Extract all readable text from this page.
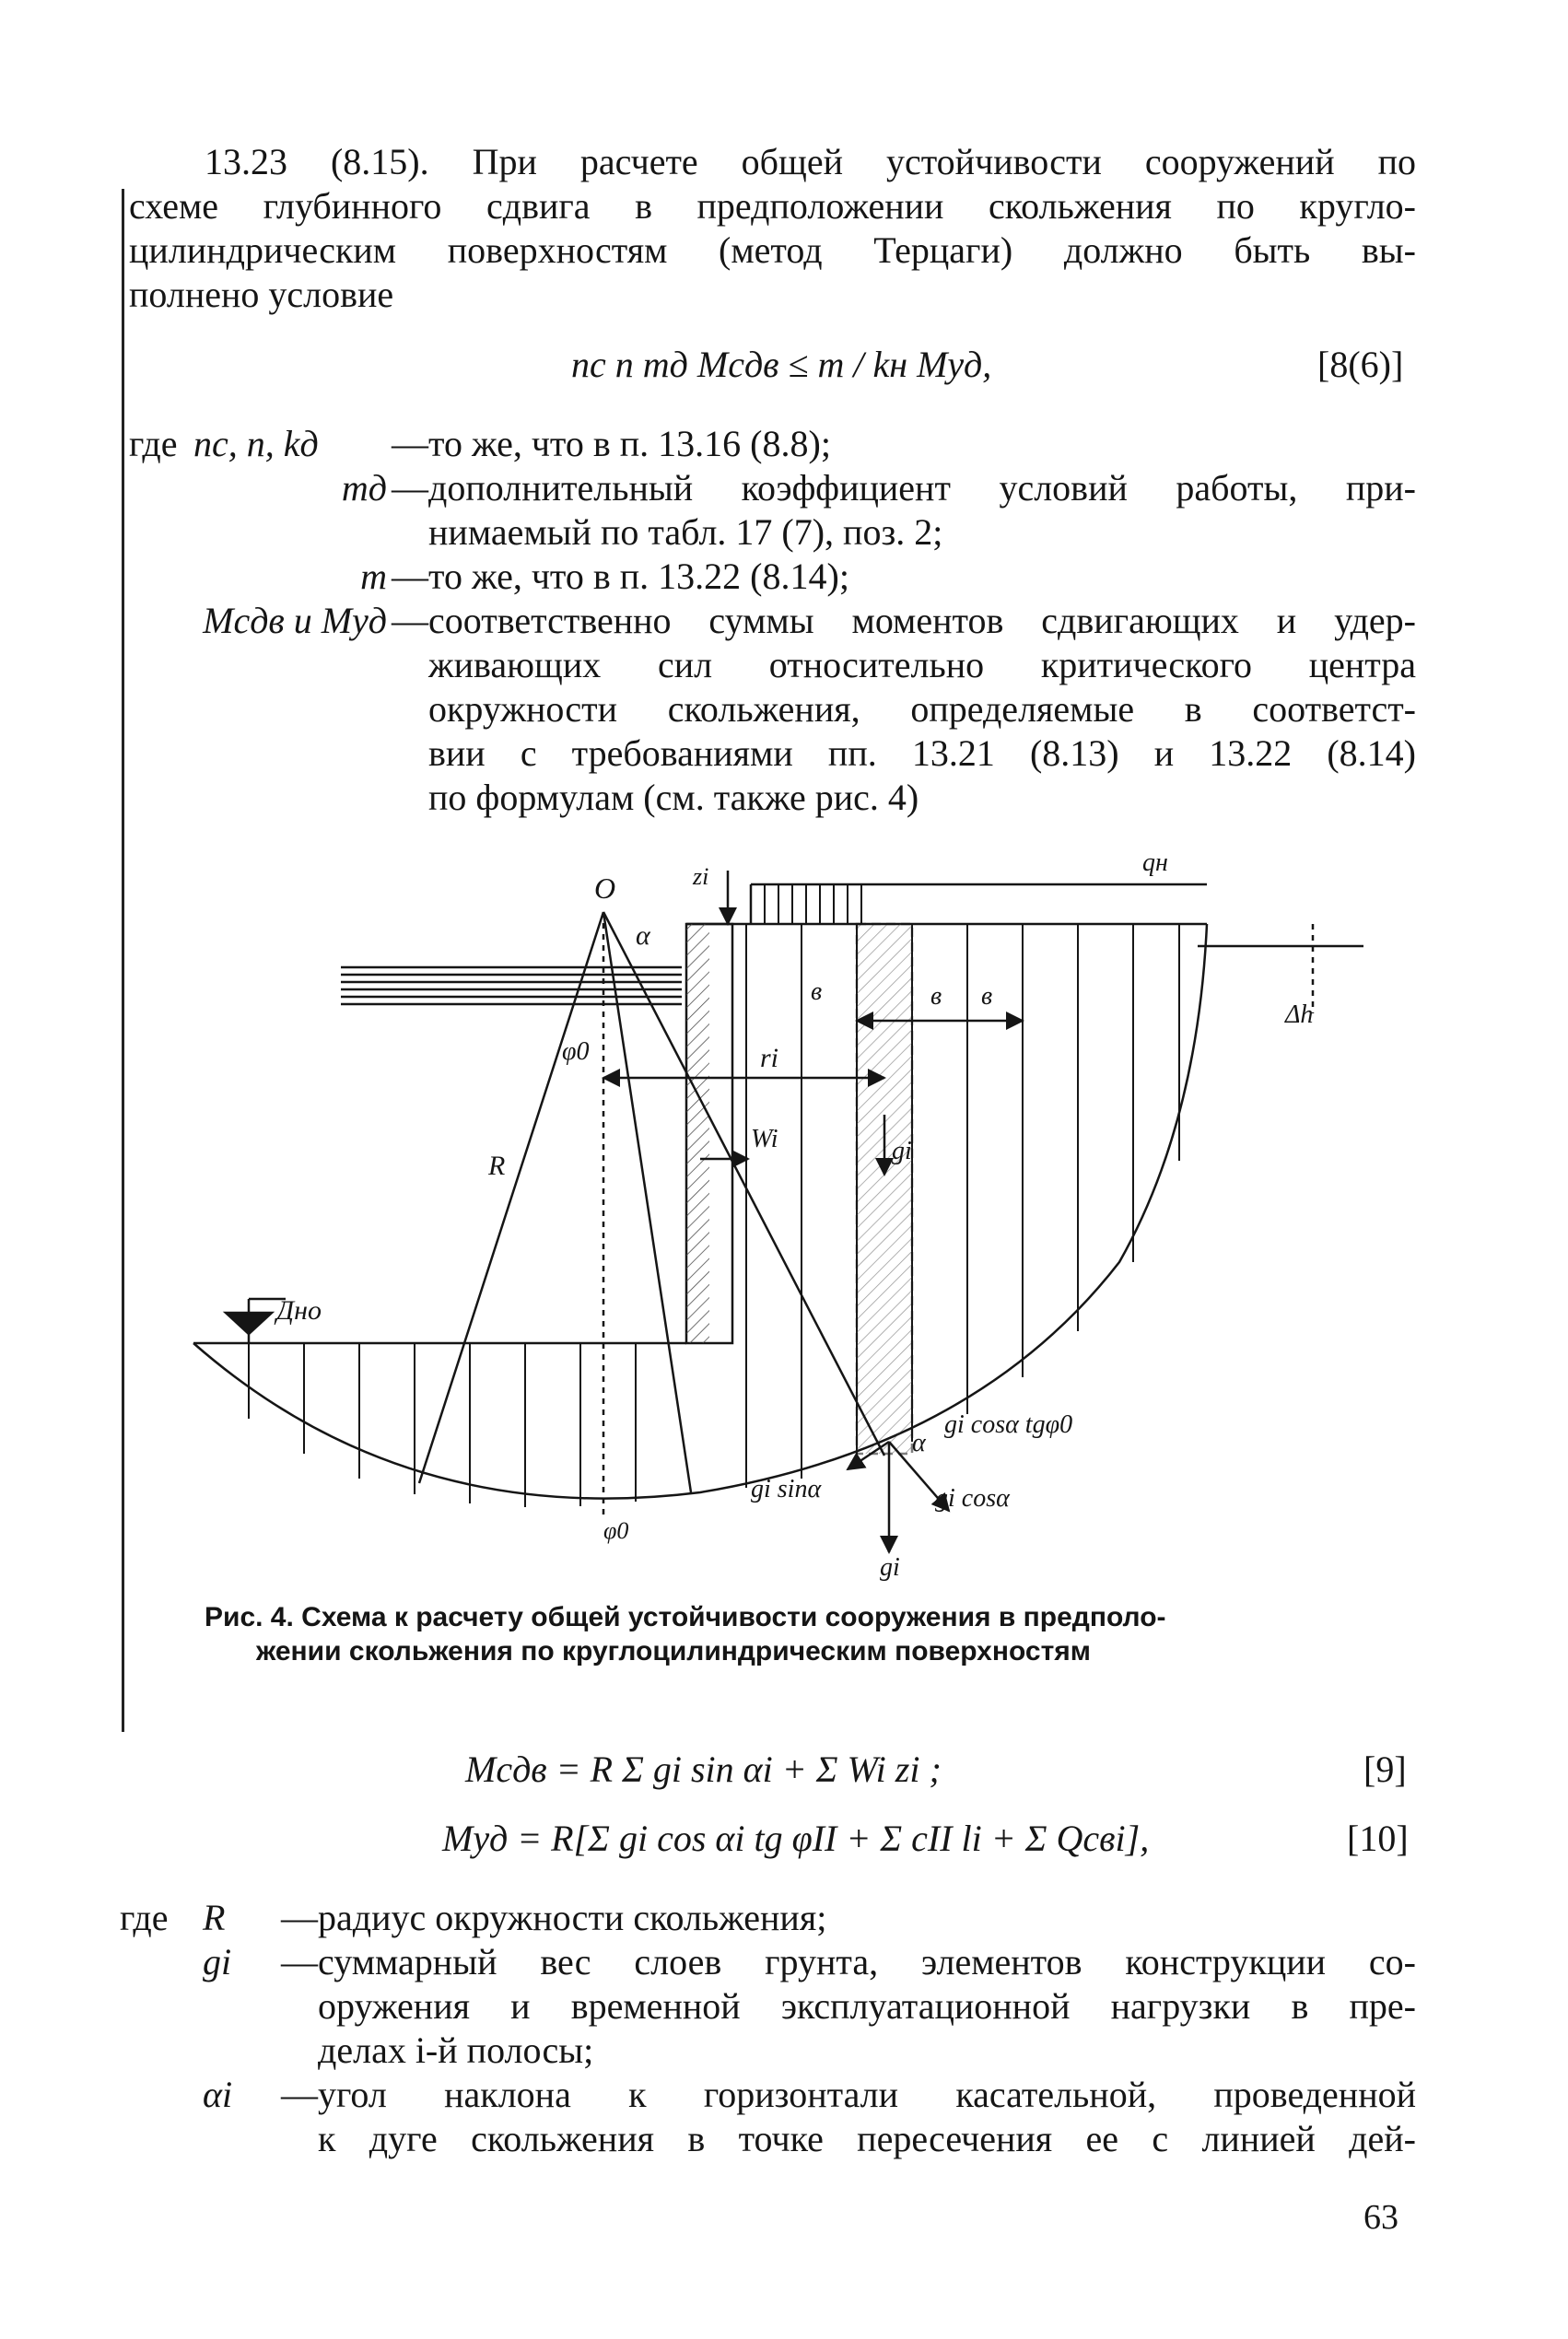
13.23 (8.15). При расчете общей устойчивости сооружений по
схеме глубинного сдвига в предположении скольжения по кругло-
цилиндрическим поверхностям (метод Терцаги) должно быть вы-
полнено условие
nc n mд Mсдв ≤ m / kн Mуд,	[8(6)]
где nc, n, kд	— то же, что в п. 13.16 (8.8);
mд — дополнительный коэффициент условий работы, при-
нимаемый по табл. 17 (7), поз. 2;
m — то же, что в п. 13.22 (8.14);
Mсдв и Mуд — соответственно суммы моментов сдвигающих и удер-
живающих сил относительно критического центра
окружности скольжения, определяемые в соответст-
вии с требованиями пп. 13.21 (8.13) и 13.22 (8.14)
по формулам (см. также рис. 4)
O	zi
α
φ0	ri
Wi	gi
R
в	в в
Δh
qн
Дно
gi cosα tgφ0
α
gi sinα	gi cosα
φ0
gi
Рис. 4. Схема к расчету общей устойчивости сооружения в предполо-
жении скольжения по круглоцилиндрическим поверхностям
Mсдв = R Σ gi sin αi + Σ Wi zi ;	[9]
Mуд = R[Σ gi cos αi tg φII + Σ cII li + Σ Qсвi],	[10]
где R	— радиус окружности скольжения;
gi	— суммарный вес слоев грунта, элементов конструкции со-
оружения и временной эксплуатационной нагрузки в пре-
делах i-й полосы;
αi	— угол наклона к горизонтали касательной, проведенной
к дуге скольжения в точке пересечения ее с линией дей-
63
